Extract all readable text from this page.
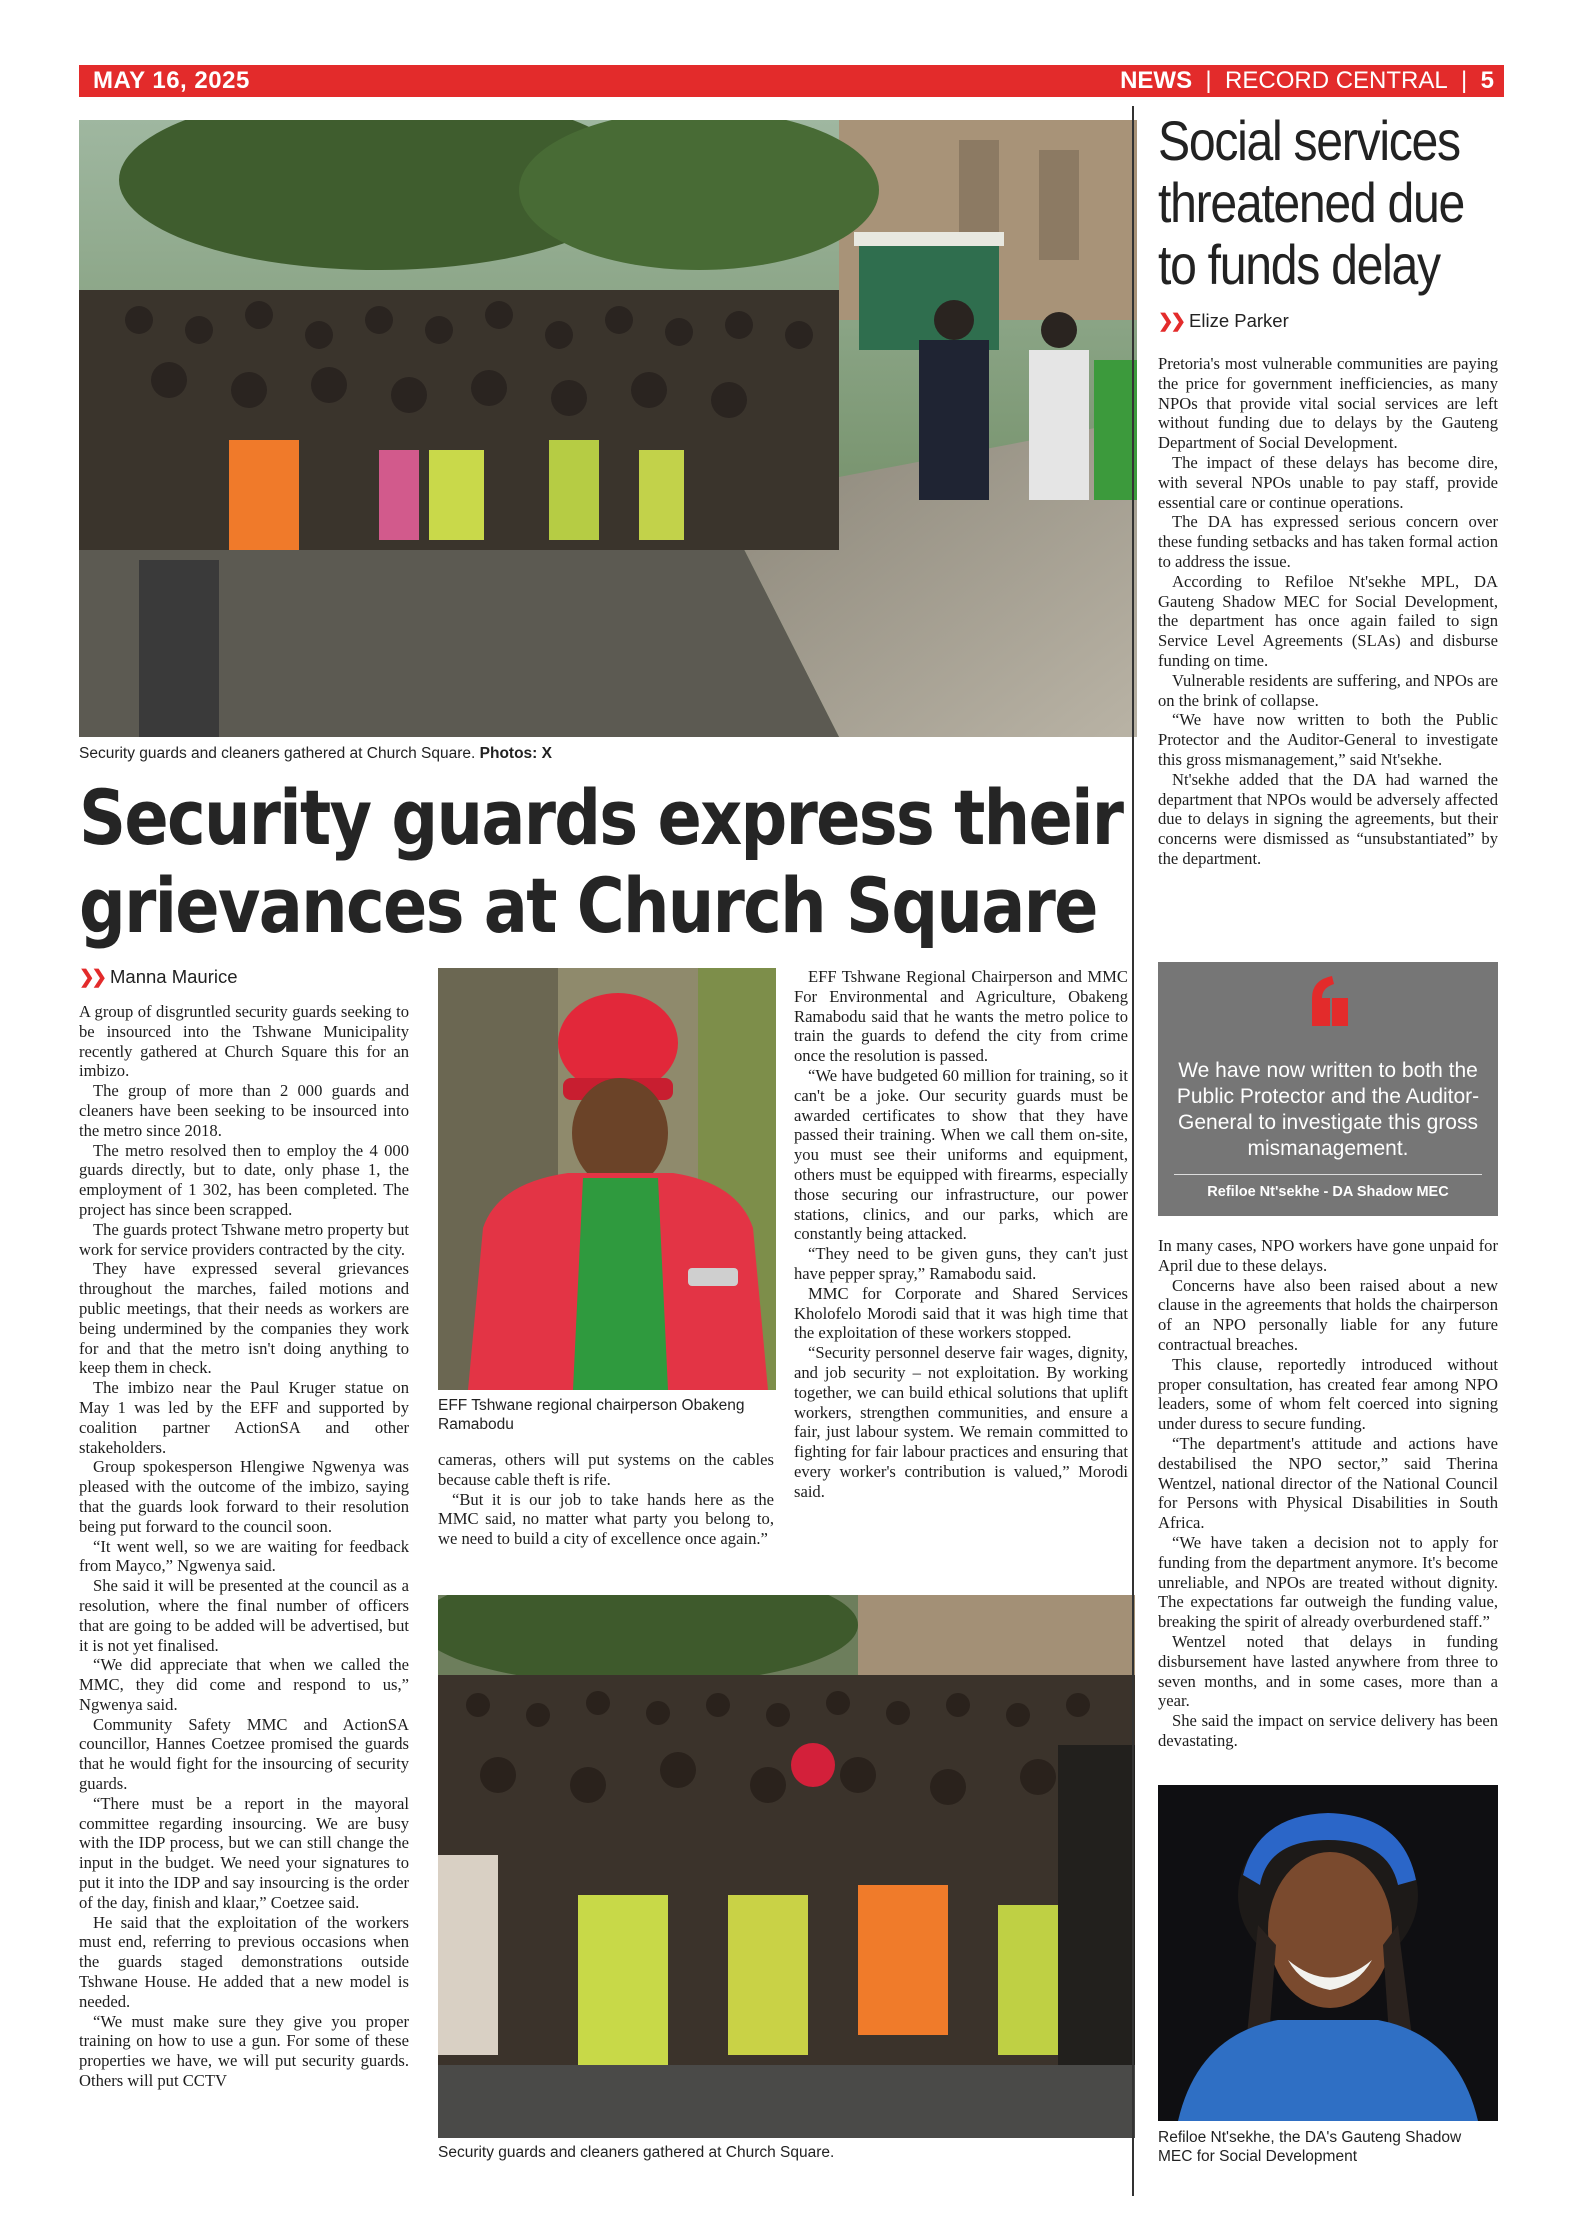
MAY 16, 2025	NEWS  |  RECORD CENTRAL  |  5
Security guards and cleaners gathered at Church Square. Photos: X
Security guards express their
grievances at Church Square
❯❯ Manna Maurice

A group of disgruntled security guards seeking to be insourced into the Tshwane Municipality recently gathered at Church Square this for an imbizo.

The group of more than 2 000 guards and cleaners have been seeking to be insourced into the metro since 2018.

The metro resolved then to employ the 4 000 guards directly, but to date, only phase 1, the employment of 1 302, has been completed. The project has since been scrapped.

The guards protect Tshwane metro property but work for service providers contracted by the city.

They have expressed several grievances throughout the marches, failed motions and public meetings, that their needs as workers are being undermined by the companies they work for and that the metro isn't doing anything to keep them in check.

The imbizo near the Paul Kruger statue on May 1 was led by the EFF and supported by coalition partner ActionSA and other stakeholders.

Group spokesperson Hlengiwe Ngwenya was pleased with the outcome of the imbizo, saying that the guards look forward to their resolution being put forward to the council soon.

“It went well, so we are waiting for feedback from Mayco,” Ngwenya said.

She said it will be presented at the council as a resolution, where the final number of officers that are going to be added will be advertised, but it is not yet finalised.

“We did appreciate that when we called the MMC, they did come and respond to us,” Ngwenya said.

Community Safety MMC and ActionSA councillor, Hannes Coetzee promised the guards that he would fight for the insourcing of security guards.

“There must be a report in the mayoral committee regarding insourcing. We are busy with the IDP process, but we can still change the input in the budget. We need your signatures to put it into the IDP and say insourcing is the order of the day, finish and klaar,” Coetzee said.

He said that the exploitation of the workers must end, referring to previous occasions when the guards staged demonstrations outside Tshwane House. He added that a new model is needed.

“We must make sure they give you proper training on how to use a gun. For some of these properties we have, we will put security guards. Others will put CCTV

EFF Tshwane regional chairperson Obakeng Ramabodu

cameras, others will put systems on the cables because cable theft is rife.

“But it is our job to take hands here as the MMC said, no matter what party you belong to, we need to build a city of excellence once again.”

EFF Tshwane Regional Chairperson and MMC For Environmental and Agriculture, Obakeng Ramabodu said that he wants the metro police to train the guards to defend the city from crime once the resolution is passed.

“We have budgeted 60 million for training, so it can't be a joke. Our security guards must be awarded certificates to show that they have passed their training. When we call them on-site, you must see their uniforms and equipment, others must be equipped with firearms, especially those securing our infrastructure, our power stations, clinics, and our parks, which are constantly being attacked.

“They need to be given guns, they can't just have pepper spray,” Ramabodu said.

MMC for Corporate and Shared Services Kholofelo Morodi said that it was high time that the exploitation of these workers stopped.

“Security personnel deserve fair wages, dignity, and job security – not exploitation. By working together, we can build ethical solutions that uplift workers, strengthen communities, and ensure a fair, just labour system. We remain committed to fighting for fair labour practices and ensuring that every worker's contribution is valued,” Morodi said.

Security guards and cleaners gathered at Church Square.
Social services
threatened due
to funds delay
❯❯ Elize Parker

Pretoria's most vulnerable communities are paying the price for government inefficiencies, as many NPOs that provide vital social services are left without funding due to delays by the Gauteng Department of Social Development.

The impact of these delays has become dire, with several NPOs unable to pay staff, provide essential care or continue operations.

The DA has expressed serious concern over these funding setbacks and has taken formal action to address the issue.

According to Refiloe Nt'sekhe MPL, DA Gauteng Shadow MEC for Social Development, the department has once again failed to sign Service Level Agreements (SLAs) and disburse funding on time.

Vulnerable residents are suffering, and NPOs are on the brink of collapse.

“We have now written to both the Public Protector and the Auditor-General to investigate this gross mismanagement,” said Nt'sekhe.

Nt'sekhe added that the DA had warned the department that NPOs would be adversely affected due to delays in signing the agreements, but their concerns were dismissed as “unsubstantiated” by the department.

We have now written to both the Public Protector and the Auditor-General to investigate this gross mismanagement.
Refiloe Nt'sekhe - DA Shadow MEC

In many cases, NPO workers have gone unpaid for April due to these delays.

Concerns have also been raised about a new clause in the agreements that holds the chairperson of an NPO personally liable for any future contractual breaches.

This clause, reportedly introduced without proper consultation, has created fear among NPO leaders, some of whom felt coerced into signing under duress to secure funding.

“The department's attitude and actions have destabilised the NPO sector,” said Therina Wentzel, national director of the National Council for Persons with Physical Disabilities in South Africa.

“We have taken a decision not to apply for funding from the department anymore. It's become unreliable, and NPOs are treated without dignity. The expectations far outweigh the funding value, breaking the spirit of already overburdened staff.”

Wentzel noted that delays in funding disbursement have lasted anywhere from three to seven months, and in some cases, more than a year.

She said the impact on service delivery has been devastating.

Refiloe Nt'sekhe, the DA's Gauteng Shadow MEC for Social Development
